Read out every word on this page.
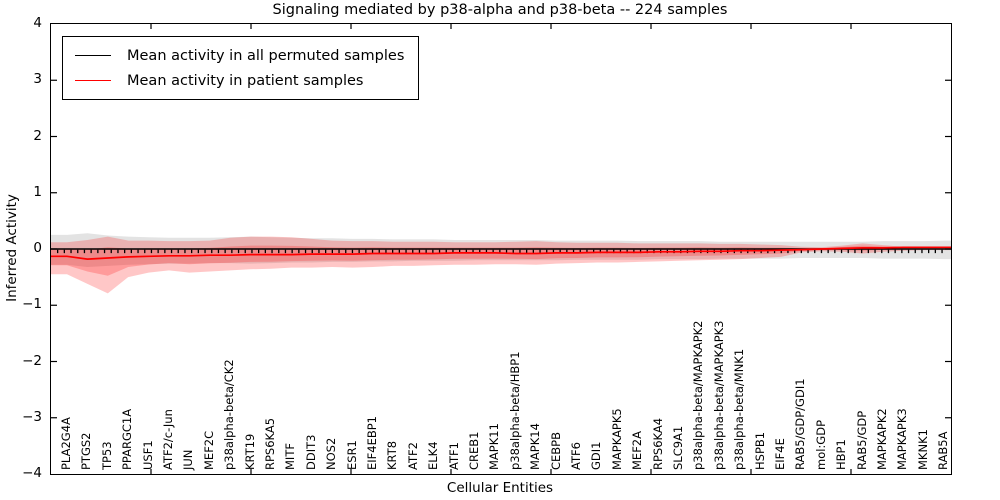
Signaling mediated by p38-alpha and p38-beta -- 224 samples
Inferred Activity
Cellular Entities
4
3
2
1
0
−1
−2
−3
−4
PLA2G4A PTGS2 TP53 PPARGC1A USF1 ATF2/c-Jun JUN MEF2C p38alpha-beta/CK2 KRT19 RPS6KA5 MITF DDIT3 NOS2 ESR1 EIF4EBP1 KRT8 ATF2 ELK4 ATF1 CREB1 MAPK11 p38alpha-beta/HBP1 MAPK14 CEBPB ATF6 GDI1 MAPKAPK5 MEF2A RPS6KA4 SLC9A1 p38alpha-beta/MAPKAPK2 p38alpha-beta/MAPKAPK3 p38alpha-beta/MNK1 HSPB1 EIF4E RAB5/GDP/GDI1 mol:GDP HBP1 RAB5/GDP MAPKAPK2 MAPKAPK3 MKNK1 RAB5A
Mean activity in all permuted samples
Mean activity in patient samples
